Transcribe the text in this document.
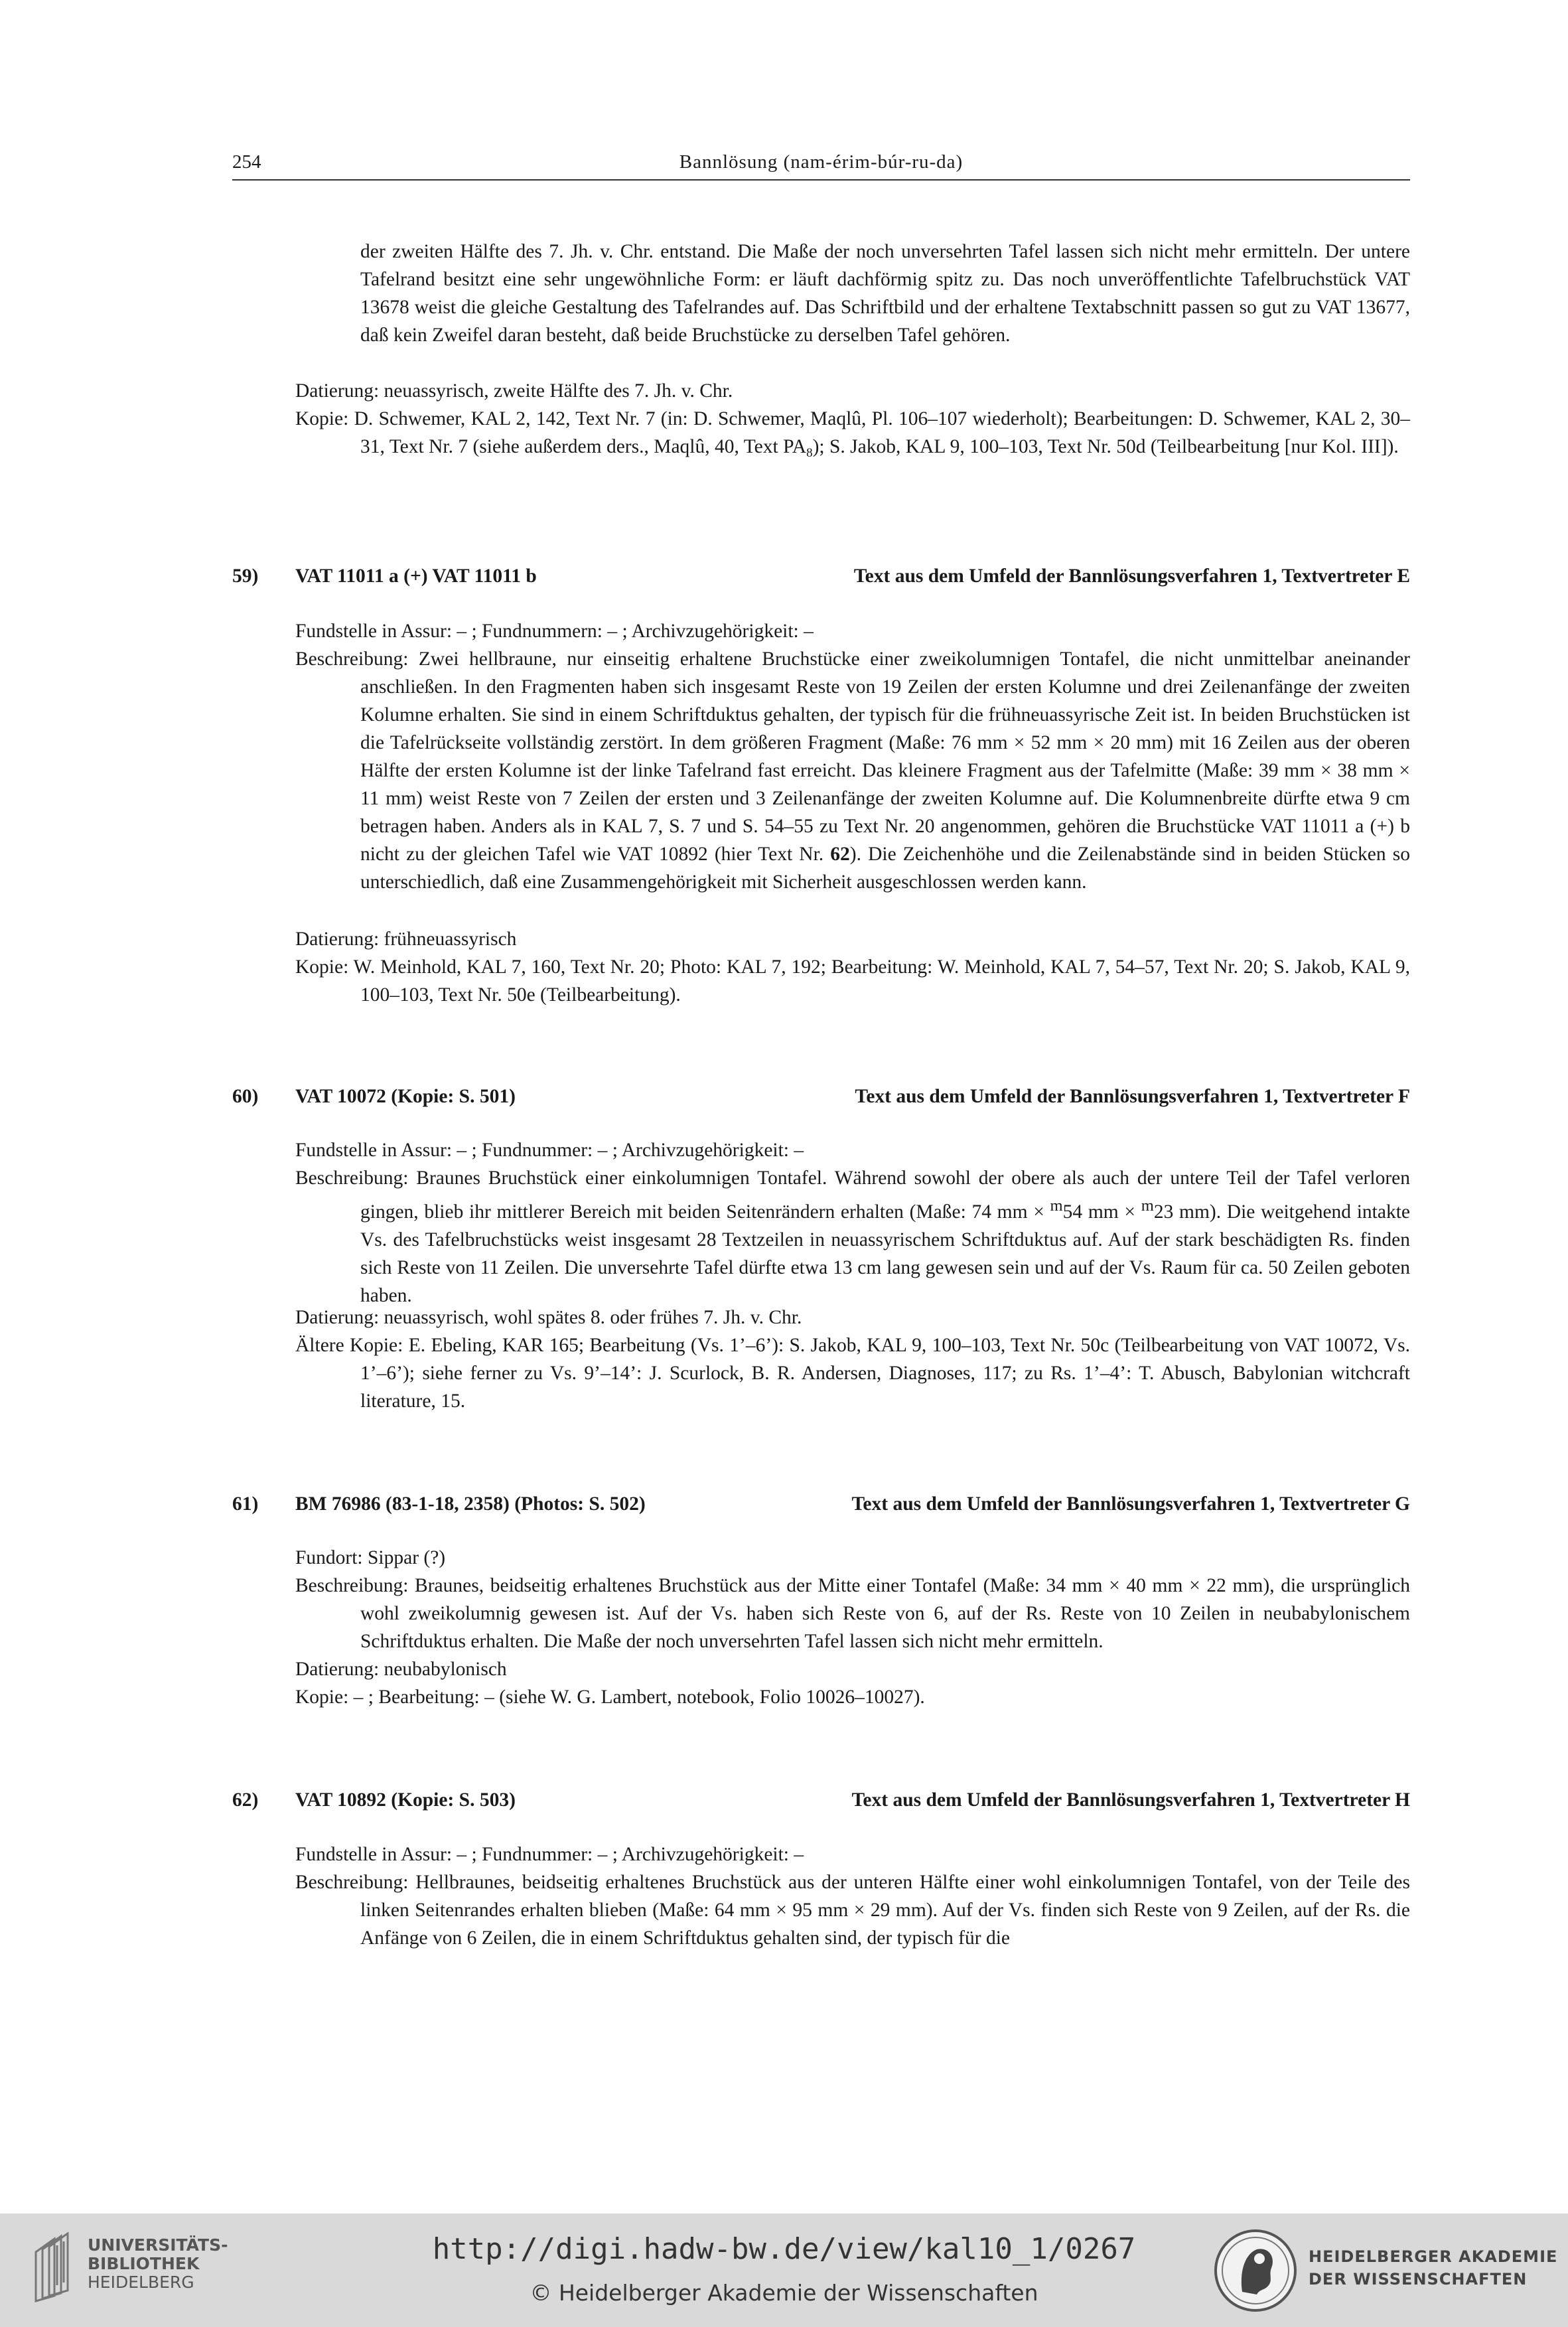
254	Bannlösung (nam-érim-búr-ru-da)
der zweiten Hälfte des 7. Jh. v. Chr. entstand. Die Maße der noch unversehrten Tafel lassen sich nicht mehr ermitteln. Der untere Tafelrand besitzt eine sehr ungewöhnliche Form: er läuft dachförmig spitz zu. Das noch unveröffentlichte Tafelbruchstück VAT 13678 weist die gleiche Gestaltung des Tafelrandes auf. Das Schriftbild und der erhaltene Textabschnitt passen so gut zu VAT 13677, daß kein Zweifel daran besteht, daß beide Bruchstücke zu derselben Tafel gehören.
Datierung: neuassyrisch, zweite Hälfte des 7. Jh. v. Chr.
Kopie: D. Schwemer, KAL 2, 142, Text Nr. 7 (in: D. Schwemer, Maqlû, Pl. 106–107 wiederholt); Bearbeitungen: D. Schwemer, KAL 2, 30–31, Text Nr. 7 (siehe außerdem ders., Maqlû, 40, Text $PA_8$); S. Jakob, KAL 9, 100–103, Text Nr. 50d (Teilbearbeitung [nur Kol. III]).
59) VAT 11011 a (+) VAT 11011 b	Text aus dem Umfeld der Bannlösungsverfahren 1, Textvertreter E
Fundstelle in Assur: – ; Fundnummern: – ; Archivzugehörigkeit: –
Beschreibung: Zwei hellbraune, nur einseitig erhaltene Bruchstücke einer zweikolumnigen Tontafel, die nicht unmittelbar aneinander anschließen. In den Fragmenten haben sich insgesamt Reste von 19 Zeilen der ersten Kolumne und drei Zeilenanfänge der zweiten Kolumne erhalten. Sie sind in einem Schriftduktus gehalten, der typisch für die frühneuassyrische Zeit ist. In beiden Bruchstücken ist die Tafelrückseite vollständig zerstört. In dem größeren Fragment (Maße: 76 mm × 52 mm × 20 mm) mit 16 Zeilen aus der oberen Hälfte der ersten Kolumne ist der linke Tafelrand fast erreicht. Das kleinere Fragment aus der Tafelmitte (Maße: 39 mm × 38 mm × 11 mm) weist Reste von 7 Zeilen der ersten und 3 Zeilenanfänge der zweiten Kolumne auf. Die Kolumnenbreite dürfte etwa 9 cm betragen haben. Anders als in KAL 7, S. 7 und S. 54–55 zu Text Nr. 20 angenommen, gehören die Bruchstücke VAT 11011 a (+) b nicht zu der gleichen Tafel wie VAT 10892 (hier Text Nr. 62). Die Zeichenhöhe und die Zeilenabstände sind in beiden Stücken so unterschiedlich, daß eine Zusammengehörigkeit mit Sicherheit ausgeschlossen werden kann.
Datierung: frühneuassyrisch
Kopie: W. Meinhold, KAL 7, 160, Text Nr. 20; Photo: KAL 7, 192; Bearbeitung: W. Meinhold, KAL 7, 54–57, Text Nr. 20; S. Jakob, KAL 9, 100–103, Text Nr. 50e (Teilbearbeitung).
60) VAT 10072 (Kopie: S. 501)	Text aus dem Umfeld der Bannlösungsverfahren 1, Textvertreter F
Fundstelle in Assur: – ; Fundnummer: – ; Archivzugehörigkeit: –
Beschreibung: Braunes Bruchstück einer einkolumnigen Tontafel. Während sowohl der obere als auch der untere Teil der Tafel verloren gingen, blieb ihr mittlerer Bereich mit beiden Seitenrändern erhalten (Maße: 74 mm × $^m$54 mm × $^m$23 mm). Die weitgehend intakte Vs. des Tafelbruchstücks weist insgesamt 28 Textzeilen in neuassyrischem Schriftduktus auf. Auf der stark beschädigten Rs. finden sich Reste von 11 Zeilen. Die unversehrte Tafel dürfte etwa 13 cm lang gewesen sein und auf der Vs. Raum für ca. 50 Zeilen geboten haben.
Datierung: neuassyrisch, wohl spätes 8. oder frühes 7. Jh. v. Chr.
Ältere Kopie: E. Ebeling, KAR 165; Bearbeitung (Vs. 1’–6’): S. Jakob, KAL 9, 100–103, Text Nr. 50c (Teilbearbeitung von VAT 10072, Vs. 1’–6’); siehe ferner zu Vs. 9’–14’: J. Scurlock, B. R. Andersen, Diagnoses, 117; zu Rs. 1’–4’: T. Abusch, Babylonian witchcraft literature, 15.
61) BM 76986 (83-1-18, 2358) (Photos: S. 502)	Text aus dem Umfeld der Bannlösungsverfahren 1, Textvertreter G
Fundort: Sippar (?)
Beschreibung: Braunes, beidseitig erhaltenes Bruchstück aus der Mitte einer Tontafel (Maße: 34 mm × 40 mm × 22 mm), die ursprünglich wohl zweikolumnig gewesen ist. Auf der Vs. haben sich Reste von 6, auf der Rs. Reste von 10 Zeilen in neubabylonischem Schriftduktus erhalten. Die Maße der noch unversehrten Tafel lassen sich nicht mehr ermitteln.
Datierung: neubabylonisch
Kopie: – ; Bearbeitung: – (siehe W. G. Lambert, notebook, Folio 10026–10027).
62) VAT 10892 (Kopie: S. 503)	Text aus dem Umfeld der Bannlösungsverfahren 1, Textvertreter H
Fundstelle in Assur: – ; Fundnummer: – ; Archivzugehörigkeit: –
Beschreibung: Hellbraunes, beidseitig erhaltenes Bruchstück aus der unteren Hälfte einer wohl einkolumnigen Tontafel, von der Teile des linken Seitenrandes erhalten blieben (Maße: 64 mm × 95 mm × 29 mm). Auf der Vs. finden sich Reste von 9 Zeilen, auf der Rs. die Anfänge von 6 Zeilen, die in einem Schriftduktus gehalten sind, der typisch für die
UNIVERSITÄTS-
BIBLIOTHEK
HEIDELBERG
http://digi.hadw-bw.de/view/kal10_1/0267
© Heidelberger Akademie der Wissenschaften
HEIDELBERGER AKADEMIE
DER WISSENSCHAFTEN
